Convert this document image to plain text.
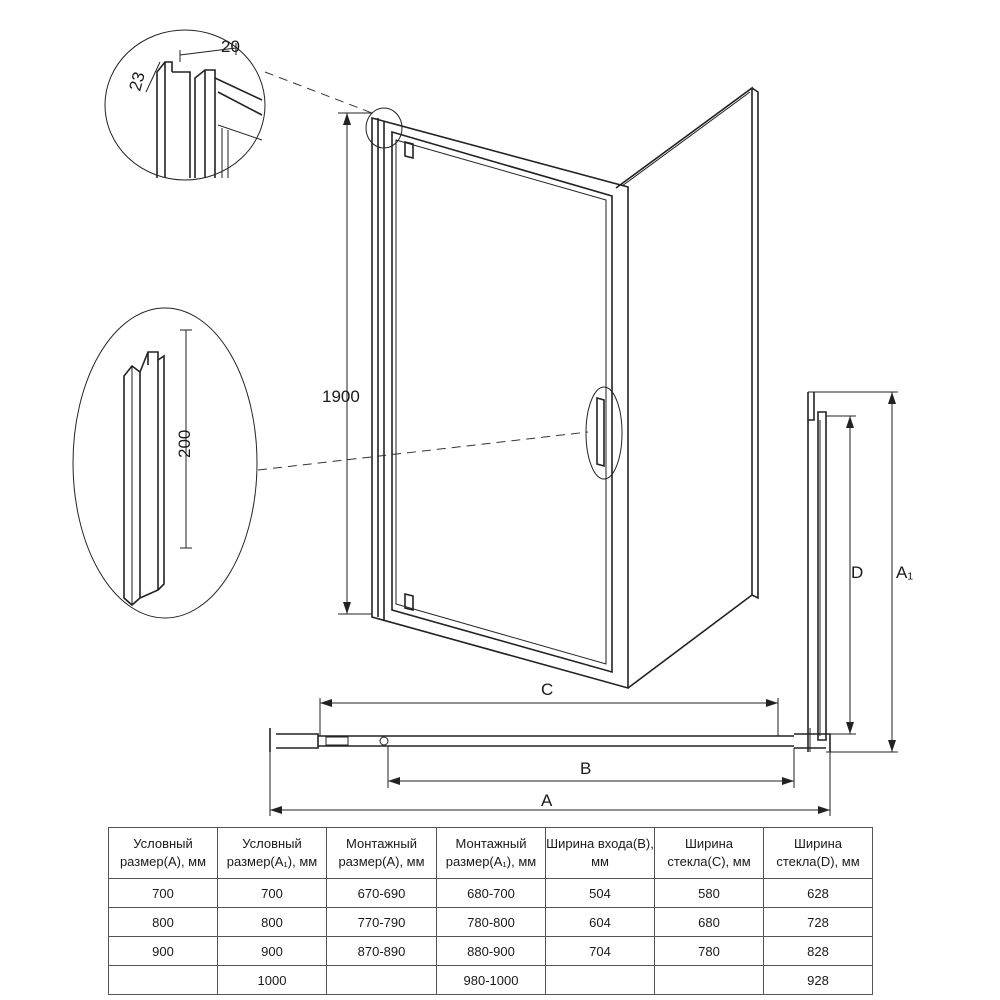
20
23
200
1900
C
B
A
D A₁
Условный размер(А), мм	Условный размер(А₁), мм	Монтажный размер(А), мм	Монтажный размер(А₁), мм	Ширина входа(B), мм	Ширина стекла(C), мм	Ширина стекла(D), мм
700	700	670-690	680-700	504	580	628
800	800	770-790	780-800	604	680	728
900	900	870-890	880-900	704	780	828
	1000		980-1000			928
